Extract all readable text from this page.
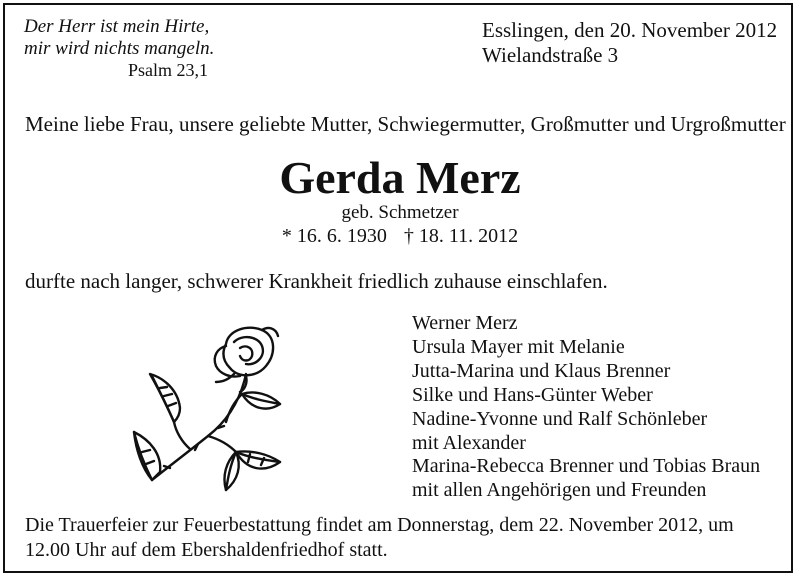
Der Herr ist mein Hirte,
mir wird nichts mangeln.
Psalm 23,1
Esslingen, den 20. November 2012
Wielandstraße 3
Meine liebe Frau, unsere geliebte Mutter, Schwiegermutter, Großmutter und Urgroßmutter
Gerda Merz
geb. Schmetzer
* 16. 6. 1930 † 18. 11. 2012
durfte nach langer, schwerer Krankheit friedlich zuhause einschlafen.
Werner Merz
Ursula Mayer mit Melanie
Jutta-Marina und Klaus Brenner
Silke und Hans-Günter Weber
Nadine-Yvonne und Ralf Schönleber
mit Alexander
Marina-Rebecca Brenner und Tobias Braun
mit allen Angehörigen und Freunden
Die Trauerfeier zur Feuerbestattung findet am Donnerstag, dem 22. November 2012, um
12.00 Uhr auf dem Ebershaldenfriedhof statt.
